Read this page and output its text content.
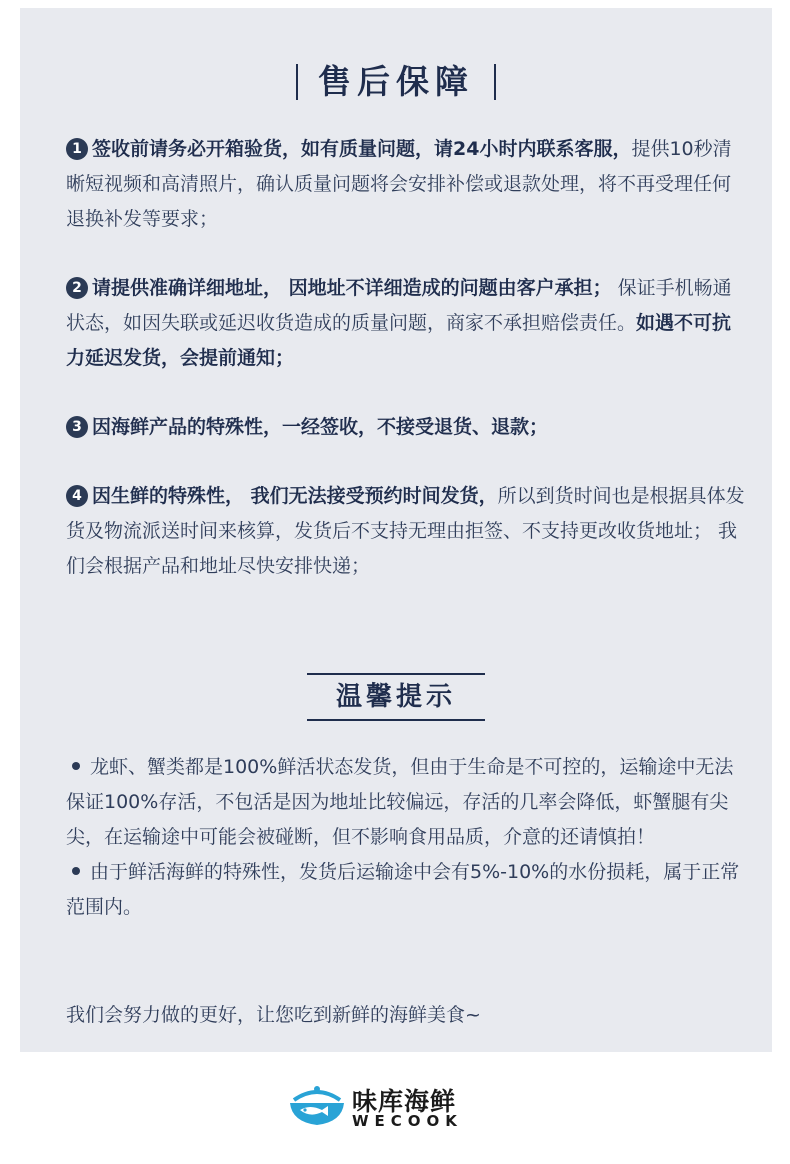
售后保障
1 签收前请务必开箱验货，如有质量问题，请24小时内联系客服，提供10秒清晰短视频和高清照片，确认质量问题将会安排补偿或退款处理，将不再受理任何退换补发等要求；
2 请提供准确详细地址， 因地址不详细造成的问题由客户承担； 保证手机畅通状态，如因失联或延迟收货造成的质量问题，商家不承担赔偿责任。如遇不可抗力延迟发货，会提前通知；
3 因海鲜产品的特殊性，一经签收，不接受退货、退款；
4 因生鲜的特殊性， 我们无法接受预约时间发货，所以到货时间也是根据具体发货及物流派送时间来核算，发货后不支持无理由拒签、不支持更改收货地址； 我们会根据产品和地址尽快安排快递；
温馨提示

龙虾、蟹类都是100%鲜活状态发货，但由于生命是不可控的，运输途中无法保证100%存活，不包活是因为地址比较偏远，存活的几率会降低，虾蟹腿有尖尖，在运输途中可能会被碰断，但不影响食用品质，介意的还请慎拍！

由于鲜活海鲜的特殊性，发货后运输途中会有5%-10%的水份损耗，属于正常范围内。

我们会努力做的更好，让您吃到新鲜的海鲜美食~
味库海鲜
WECOOK
